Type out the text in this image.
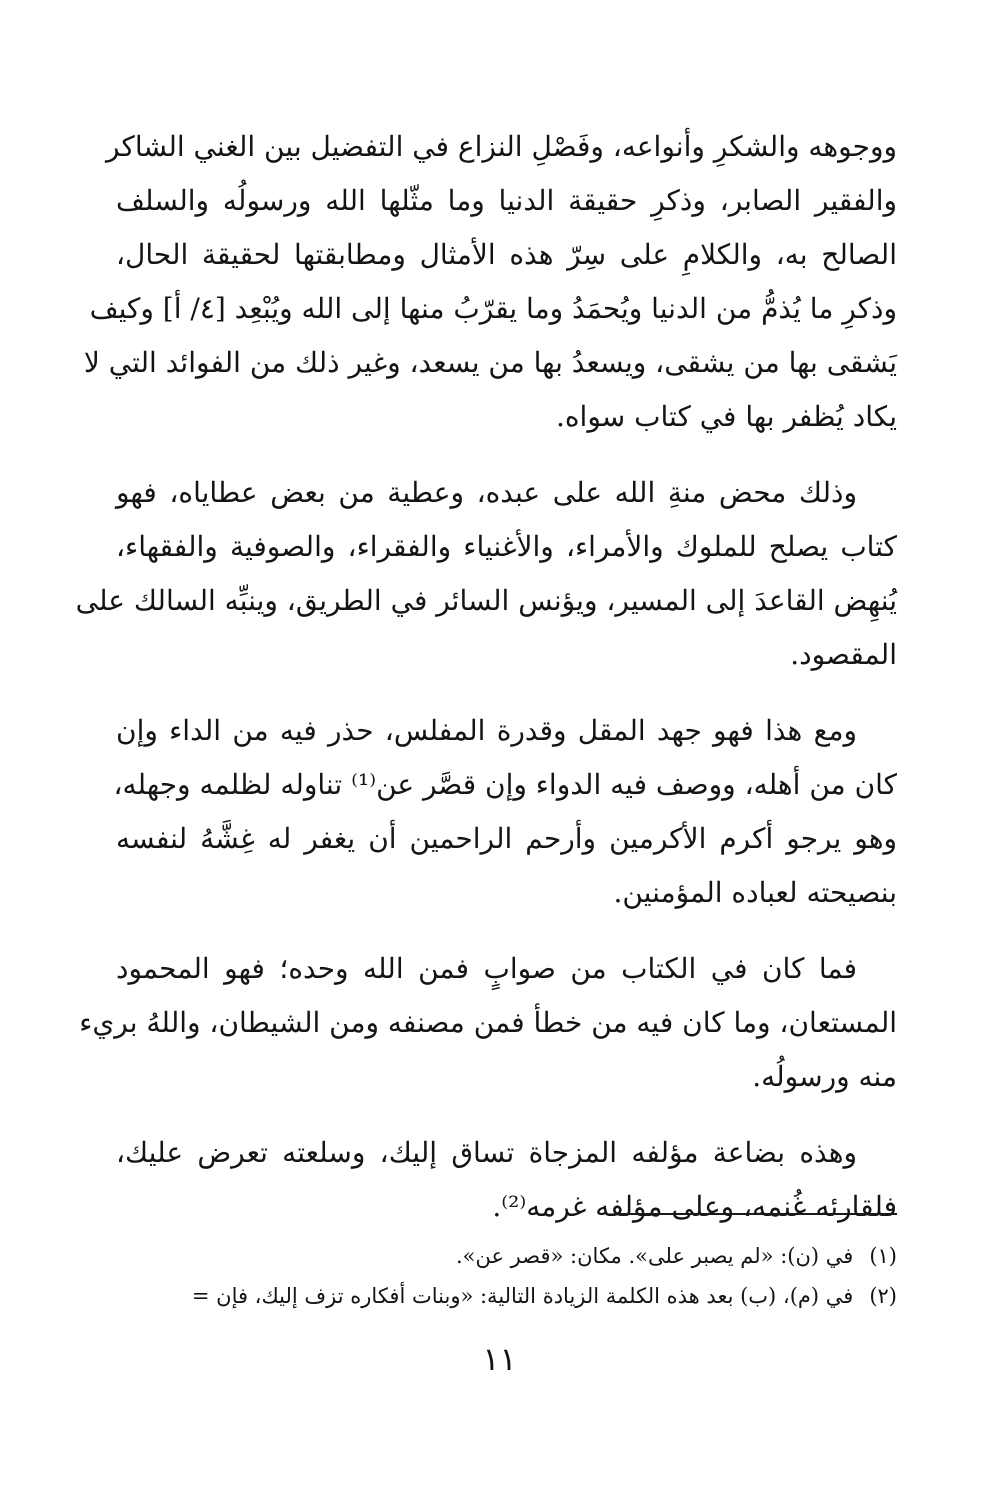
ووجوهه والشكرِ وأنواعه، وفَصْلِ النزاع في التفضيل بين الغني الشاكر
والفقير الصابر، وذكرِ حقيقة الدنيا وما مثّلها الله ورسولُه والسلف
الصالح به، والكلامِ على سِرّ هذه الأمثال ومطابقتها لحقيقة الحال،
وذكرِ ما يُذمُّ من الدنيا ويُحمَدُ وما يقرّبُ منها إلى الله ويُبْعِد [٤/ أ] وكيف
يَشقى بها من يشقى، ويسعدُ بها من يسعد، وغير ذلك من الفوائد التي لا
يكاد يُظفر بها في كتاب سواه.
وذلك محض منةِ الله على عبده، وعطية من بعض عطاياه، فهو
كتاب يصلح للملوك والأمراء، والأغنياء والفقراء، والصوفية والفقهاء،
يُنهِض القاعدَ إلى المسير، ويؤنس السائر في الطريق، وينبِّه السالك على
المقصود.
ومع هذا فهو جهد المقل وقدرة المفلس، حذر فيه من الداء وإن
كان من أهله، ووصف فيه الدواء وإن قصَّر عن⁽¹⁾ تناوله لظلمه وجهله،
وهو يرجو أكرم الأكرمين وأرحم الراحمين أن يغفر له غِشَّهُ لنفسه
بنصيحته لعباده المؤمنين.
فما كان في الكتاب من صوابٍ فمن الله وحده؛ فهو المحمود
المستعان، وما كان فيه من خطأ فمن مصنفه ومن الشيطان، واللهُ بريء
منه ورسولُه.
وهذه بضاعة مؤلفه المزجاة تساق إليك، وسلعته تعرض عليك،
فلقارئه غُنمه، وعلى مؤلفه غرمه⁽²⁾.
(١)في (ن): «لم يصبر على». مكان: «قصر عن».
(٢)في (م)، (ب) بعد هذه الكلمة الزيادة التالية: «وبنات أفكاره تزف إليك، فإن =
١١
